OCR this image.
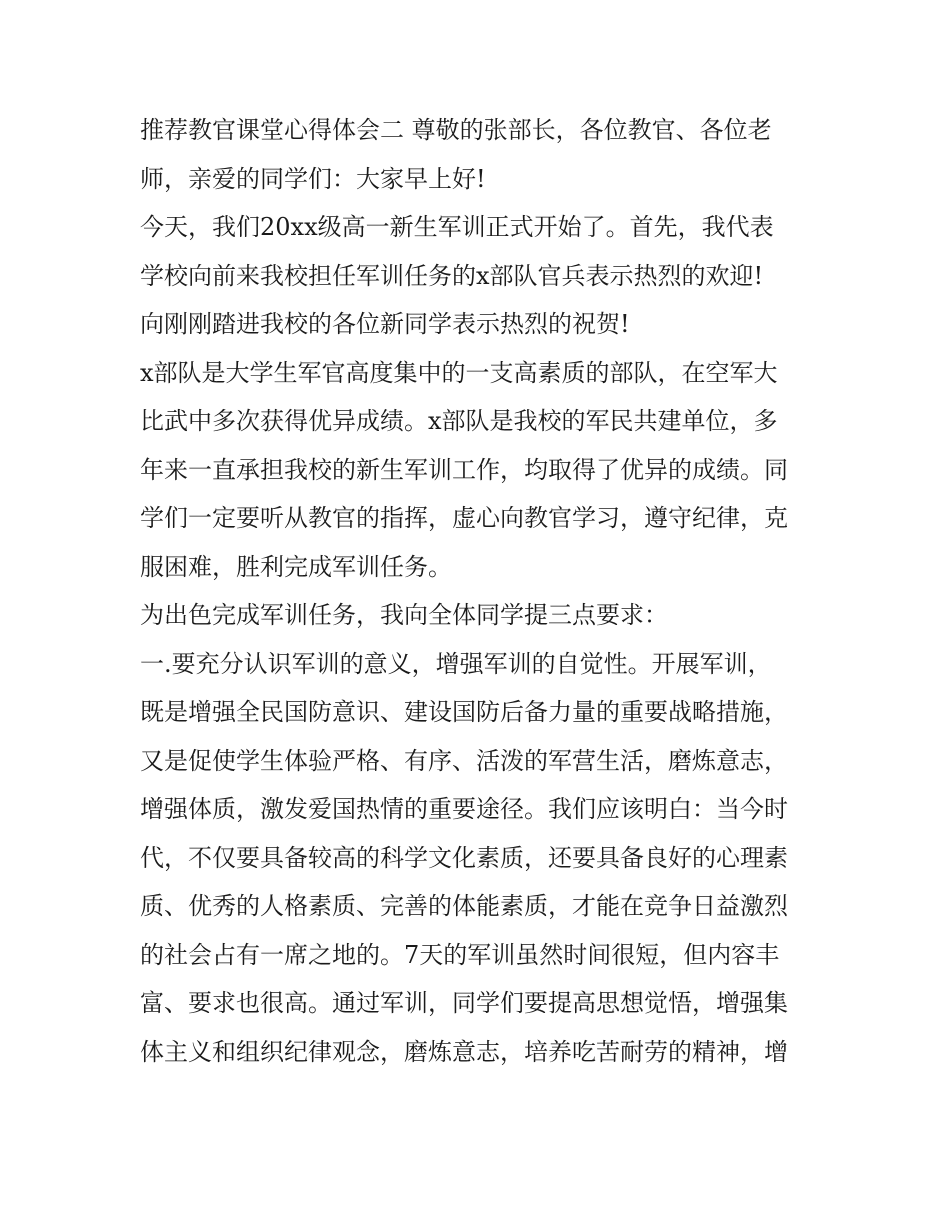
推荐教官课堂心得体会二 尊敬的张部长，各位教官、各位老
师，亲爱的同学们：大家早上好!
今天，我们20xx级高一新生军训正式开始了。首先，我代表
学校向前来我校担任军训任务的x部队官兵表示热烈的欢迎!
向刚刚踏进我校的各位新同学表示热烈的祝贺!
x部队是大学生军官高度集中的一支高素质的部队，在空军大
比武中多次获得优异成绩。x部队是我校的军民共建单位，多
年来一直承担我校的新生军训工作，均取得了优异的成绩。同
学们一定要听从教官的指挥，虚心向教官学习，遵守纪律，克
服困难，胜利完成军训任务。
为出色完成军训任务，我向全体同学提三点要求：
一.要充分认识军训的意义，增强军训的自觉性。开展军训，
既是增强全民国防意识、建设国防后备力量的重要战略措施，
又是促使学生体验严格、有序、活泼的军营生活，磨炼意志，
增强体质，激发爱国热情的重要途径。我们应该明白：当今时
代，不仅要具备较高的科学文化素质，还要具备良好的心理素
质、优秀的人格素质、完善的体能素质，才能在竞争日益激烈
的社会占有一席之地的。7天的军训虽然时间很短，但内容丰
富、要求也很高。通过军训，同学们要提高思想觉悟，增强集
体主义和组织纪律观念，磨炼意志，培养吃苦耐劳的精神，增
